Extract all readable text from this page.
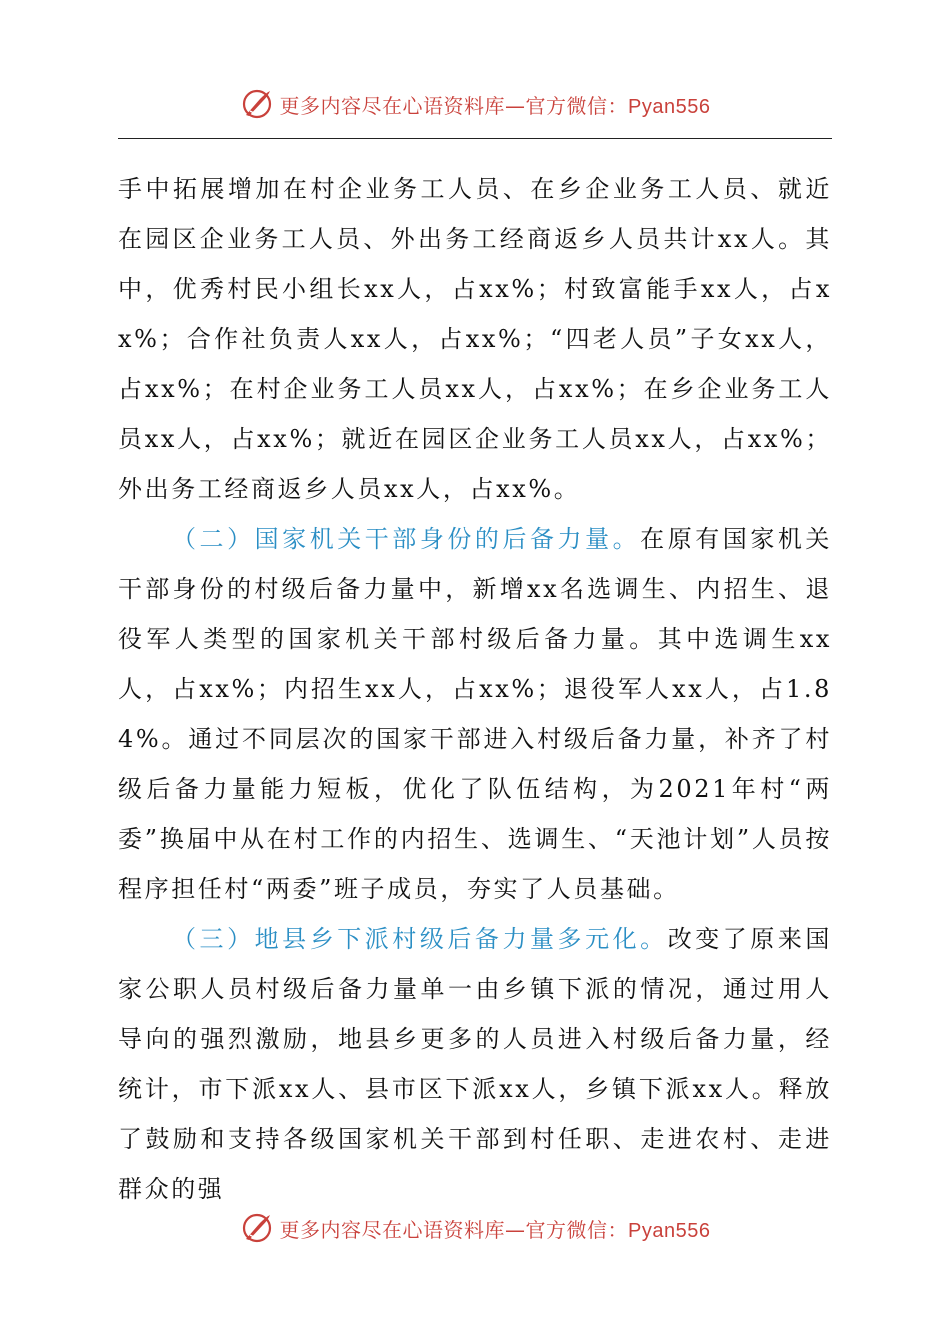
更多内容尽在心语资料库—官方微信：Pyan556

手中拓展增加在村企业务工人员、在乡企业务工人员、就近在园区企业务工人员、外出务工经商返乡人员共计xx人。其中，优秀村民小组长xx人，占xx%；村致富能手xx人，占xx%；合作社负责人xx人，占xx%；“四老人员”子女xx人，占xx%；在村企业务工人员xx人，占xx%；在乡企业务工人员xx人，占xx%；就近在园区企业务工人员xx人，占xx%；外出务工经商返乡人员xx人，占xx%。

（二）国家机关干部身份的后备力量。在原有国家机关干部身份的村级后备力量中，新增xx名选调生、内招生、退役军人类型的国家机关干部村级后备力量。其中选调生xx人，占xx%；内招生xx人，占xx%；退役军人xx人，占1.84%。通过不同层次的国家干部进入村级后备力量，补齐了村级后备力量能力短板，优化了队伍结构，为2021年村“两委”换届中从在村工作的内招生、选调生、“天池计划”人员按程序担任村“两委”班子成员，夯实了人员基础。

（三）地县乡下派村级后备力量多元化。改变了原来国家公职人员村级后备力量单一由乡镇下派的情况，通过用人导向的强烈激励，地县乡更多的人员进入村级后备力量，经统计，市下派xx人、县市区下派xx人，乡镇下派xx人。释放了鼓励和支持各级国家机关干部到村任职、走进农村、走进群众的强

更多内容尽在心语资料库—官方微信：Pyan556
